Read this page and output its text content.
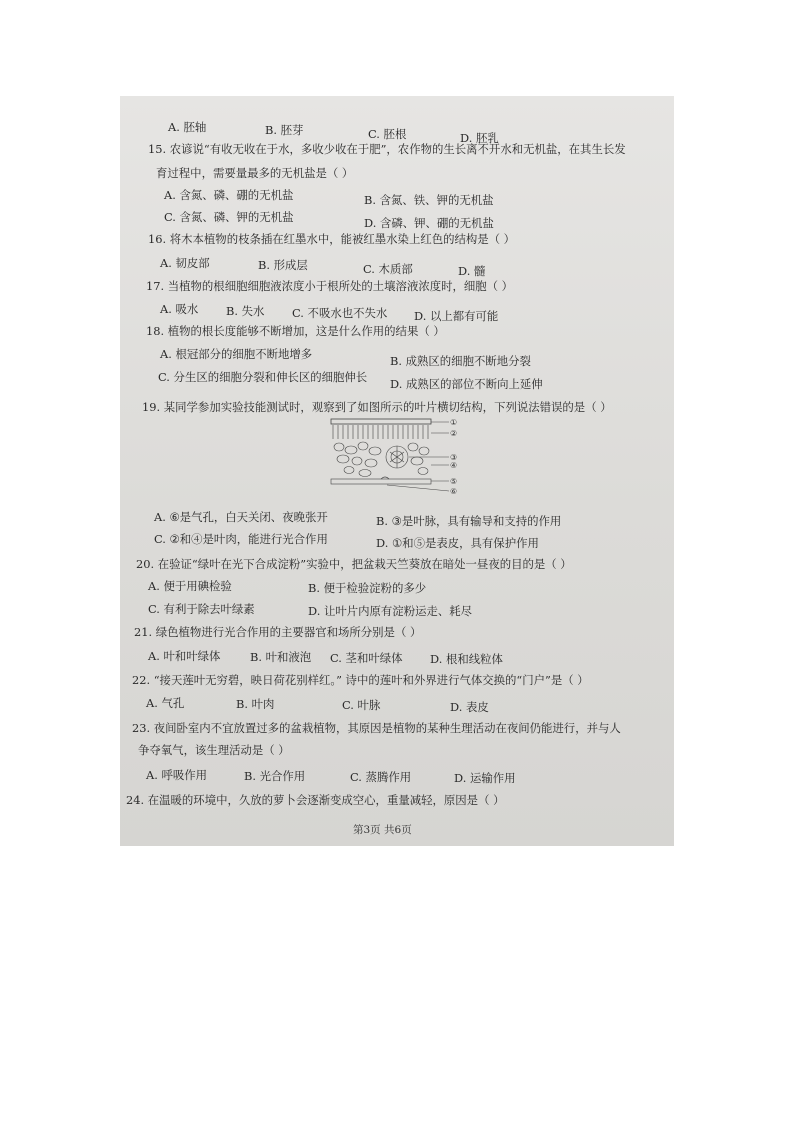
A. 胚轴	B. 胚芽	C. 胚根	D. 胚乳
15. 农谚说“有收无收在于水，多收少收在于肥”，农作物的生长离不开水和无机盐，在其生长发
育过程中，需要量最多的无机盐是（ ）
A. 含氮、磷、硼的无机盐	B. 含氮、铁、钾的无机盐
C. 含氮、磷、钾的无机盐	D. 含磷、钾、硼的无机盐
16. 将木本植物的枝条插在红墨水中，能被红墨水染上红色的结构是（ ）
A. 韧皮部	B. 形成层	C. 木质部	D. 髓
17. 当植物的根细胞细胞液浓度小于根所处的土壤溶液浓度时，细胞（ ）
A. 吸水 B. 失水 C. 不吸水也不失水 D. 以上都有可能
18. 植物的根长度能够不断增加，这是什么作用的结果（ ）
A. 根冠部分的细胞不断地增多	B. 成熟区的细胞不断地分裂
C. 分生区的细胞分裂和伸长区的细胞伸长 D. 成熟区的部位不断向上延伸
19. 某同学参加实验技能测试时，观察到了如图所示的叶片横切结构，下列说法错误的是（ ）
①
②
③
④
⑤
⑥
A. ⑥是气孔，白天关闭、夜晚张开	B. ③是叶脉，具有输导和支持的作用
C. ②和④是叶肉，能进行光合作用	D. ①和⑤是表皮，具有保护作用
20. 在验证“绿叶在光下合成淀粉”实验中，把盆栽天竺葵放在暗处一昼夜的目的是（ ）
A. 便于用碘检验	B. 便于检验淀粉的多少
C. 有利于除去叶绿素	D. 让叶片内原有淀粉运走、耗尽
21. 绿色植物进行光合作用的主要器官和场所分别是（ ）
A. 叶和叶绿体	B. 叶和液泡 C. 茎和叶绿体 D. 根和线粒体
22. “接天莲叶无穷碧，映日荷花别样红。” 诗中的莲叶和外界进行气体交换的“门户”是（ ）
A. 气孔	B. 叶肉	C. 叶脉	D. 表皮
23. 夜间卧室内不宜放置过多的盆栽植物，其原因是植物的某种生理活动在夜间仍能进行，并与人
争夺氧气，该生理活动是（ ）
A. 呼吸作用	B. 光合作用	C. 蒸腾作用	D. 运输作用
24. 在温暖的环境中，久放的萝卜会逐渐变成空心，重量减轻，原因是（ ）
第3页 共6页
